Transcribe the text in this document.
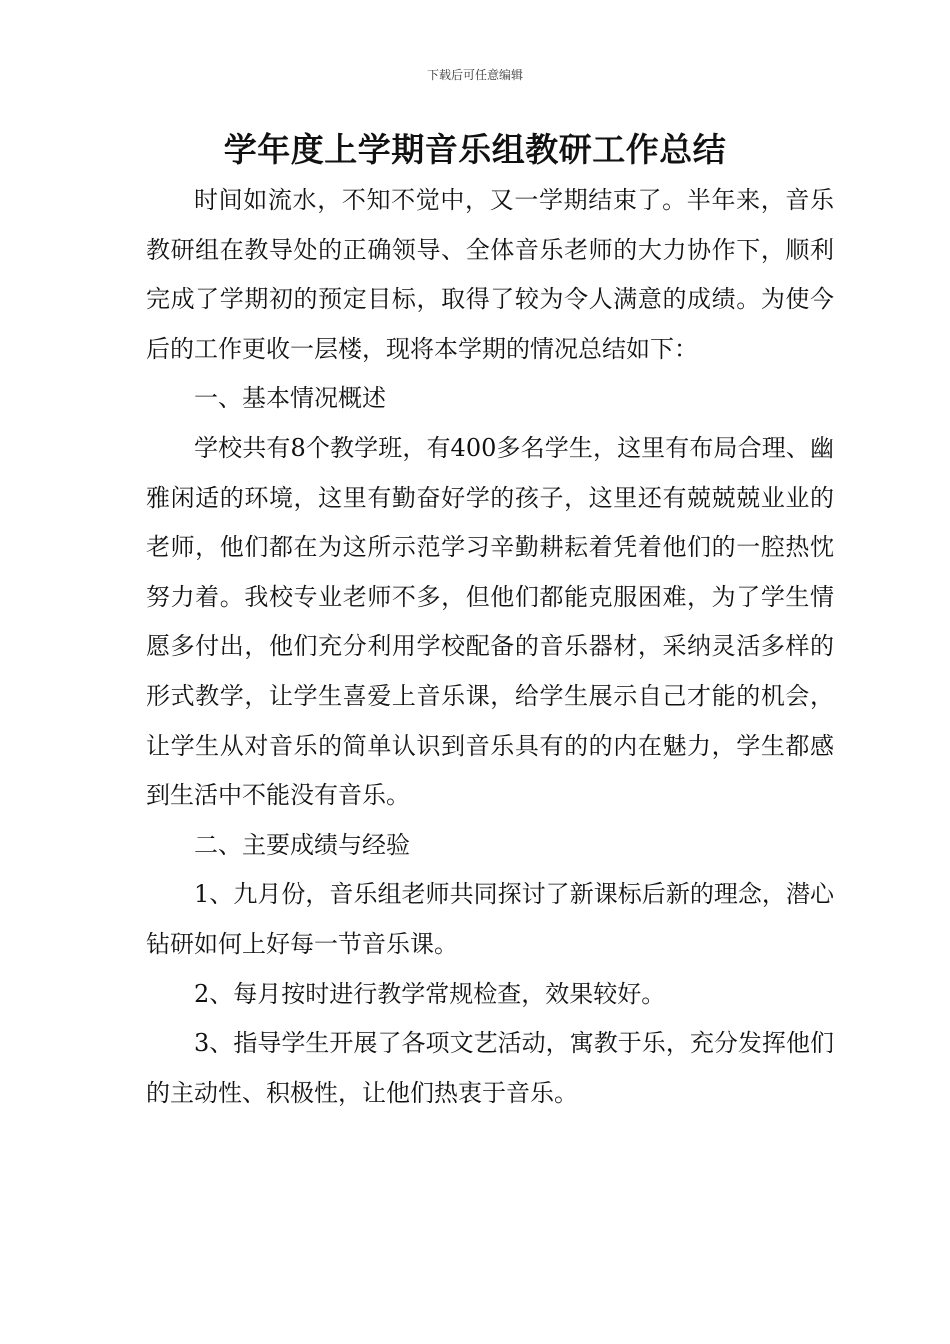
下载后可任意编辑
学年度上学期音乐组教研工作总结

时间如流水，不知不觉中，又一学期结束了。半年来，音乐教研组在教导处的正确领导、全体音乐老师的大力协作下，顺利完成了学期初的预定目标，取得了较为令人满意的成绩。为使今后的工作更收一层楼，现将本学期的情况总结如下：

一、基本情况概述

学校共有8个教学班，有400多名学生，这里有布局合理、幽雅闲适的环境，这里有勤奋好学的孩子，这里还有兢兢兢业业的老师，他们都在为这所示范学习辛勤耕耘着凭着他们的一腔热忱努力着。我校专业老师不多，但他们都能克服困难，为了学生情愿多付出，他们充分利用学校配备的音乐器材，采纳灵活多样的形式教学，让学生喜爱上音乐课，给学生展示自己才能的机会，让学生从对音乐的简单认识到音乐具有的的内在魅力，学生都感到生活中不能没有音乐。

二、主要成绩与经验

1、九月份，音乐组老师共同探讨了新课标后新的理念，潜心钻研如何上好每一节音乐课。

2、每月按时进行教学常规检查，效果较好。

3、指导学生开展了各项文艺活动，寓教于乐，充分发挥他们的主动性、积极性，让他们热衷于音乐。
